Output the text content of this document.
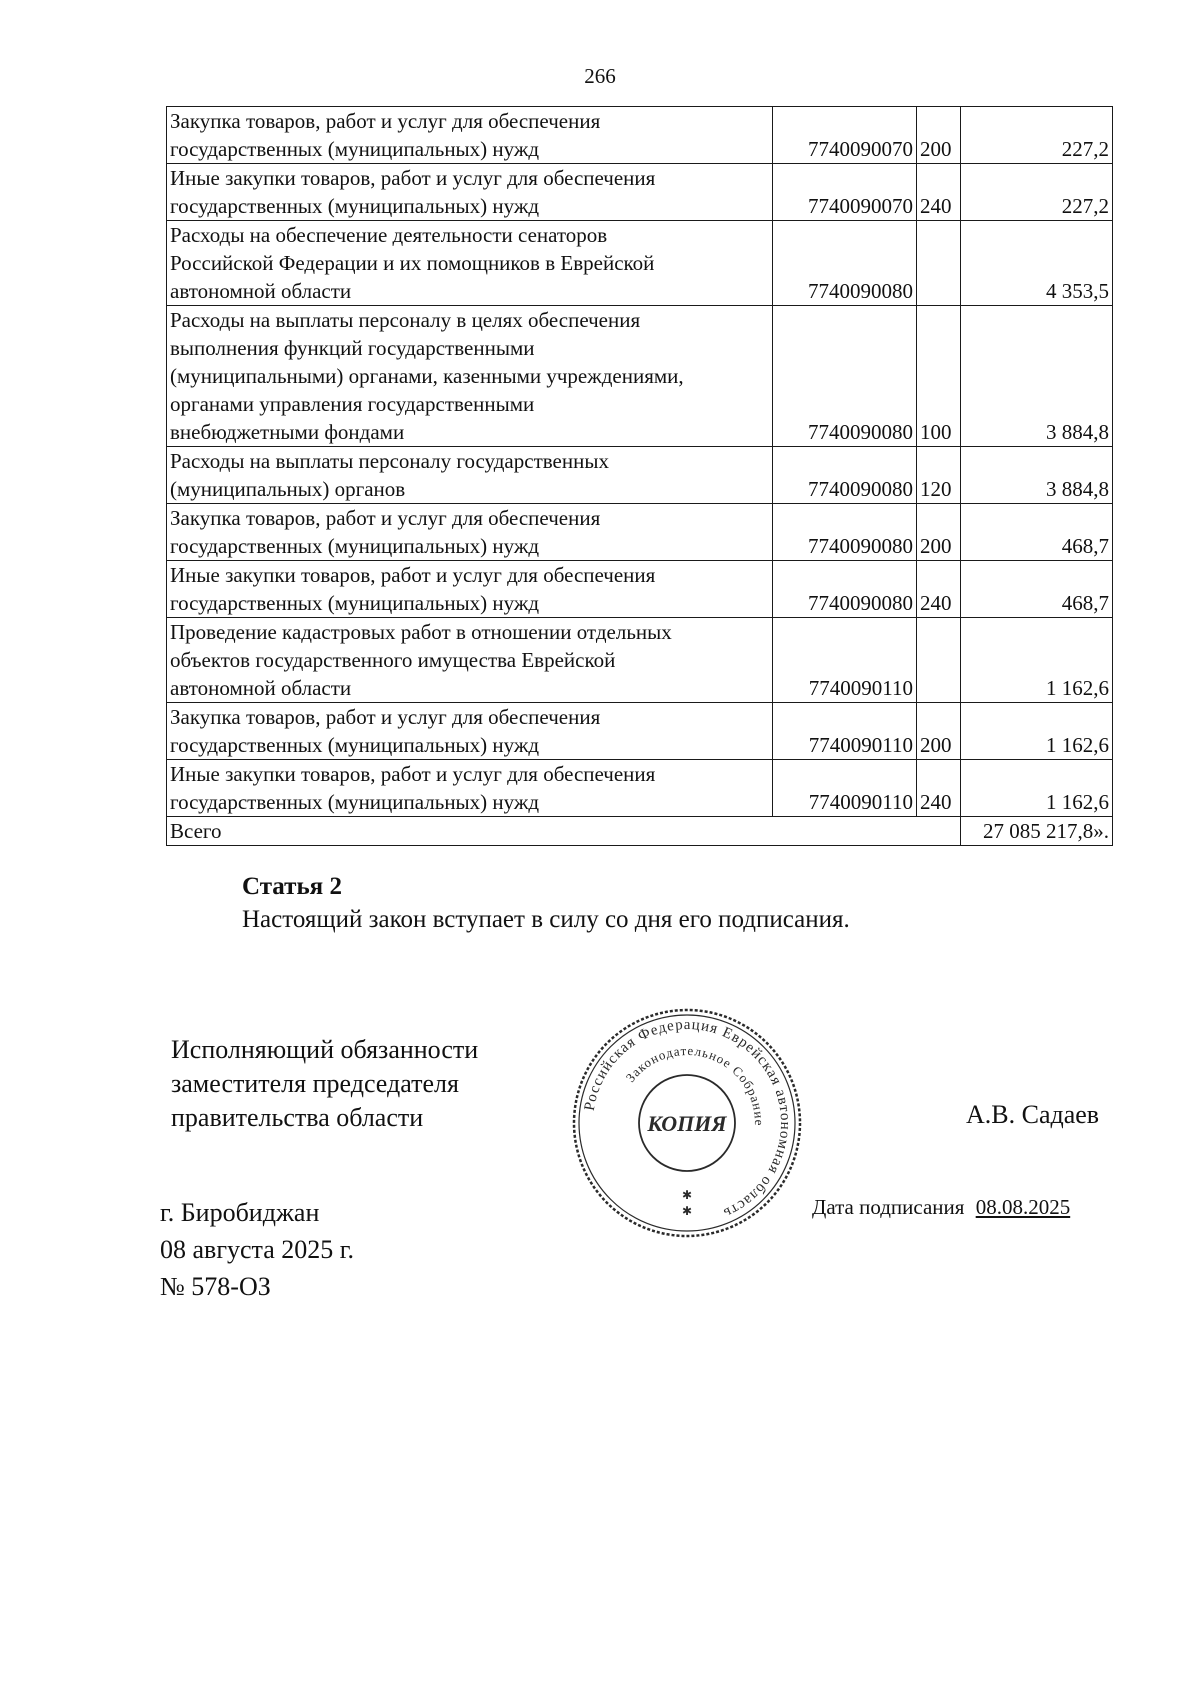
266
Закупка товаров, работ и услуг для обеспечения
государственных (муниципальных) нужд	7740090070	200	227,2

Иные закупки товаров, работ и услуг для обеспечения
государственных (муниципальных) нужд	7740090070	240	227,2

Расходы на обеспечение деятельности сенаторов
Российской Федерации и их помощников в Еврейской
автономной области	7740090080		4 353,5

Расходы на выплаты персоналу в целях обеспечения
выполнения функций государственными
(муниципальными) органами, казенными учреждениями,
органами управления государственными
внебюджетными фондами	7740090080	100	3 884,8

Расходы на выплаты персоналу государственных
(муниципальных) органов	7740090080	120	3 884,8

Закупка товаров, работ и услуг для обеспечения
государственных (муниципальных) нужд	7740090080	200	468,7

Иные закупки товаров, работ и услуг для обеспечения
государственных (муниципальных) нужд	7740090080	240	468,7

Проведение кадастровых работ в отношении отдельных
объектов государственного имущества Еврейской
автономной области	7740090110		1 162,6

Закупка товаров, работ и услуг для обеспечения
государственных (муниципальных) нужд	7740090110	200	1 162,6

Иные закупки товаров, работ и услуг для обеспечения
государственных (муниципальных) нужд	7740090110	240	1 162,6
Всего			27 085 217,8».
Статья 2
Настоящий закон вступает в силу со дня его подписания.
Исполняющий обязанности
заместителя председателя
правительства области	Российская Федерация Еврейская автономная область
Законодательное Собрание
КОПИЯ
✱
✱
А.В. Садаев
г. Биробиджан
08 августа 2025 г.
№ 578-ОЗ
Дата подписания 08.08.2025
